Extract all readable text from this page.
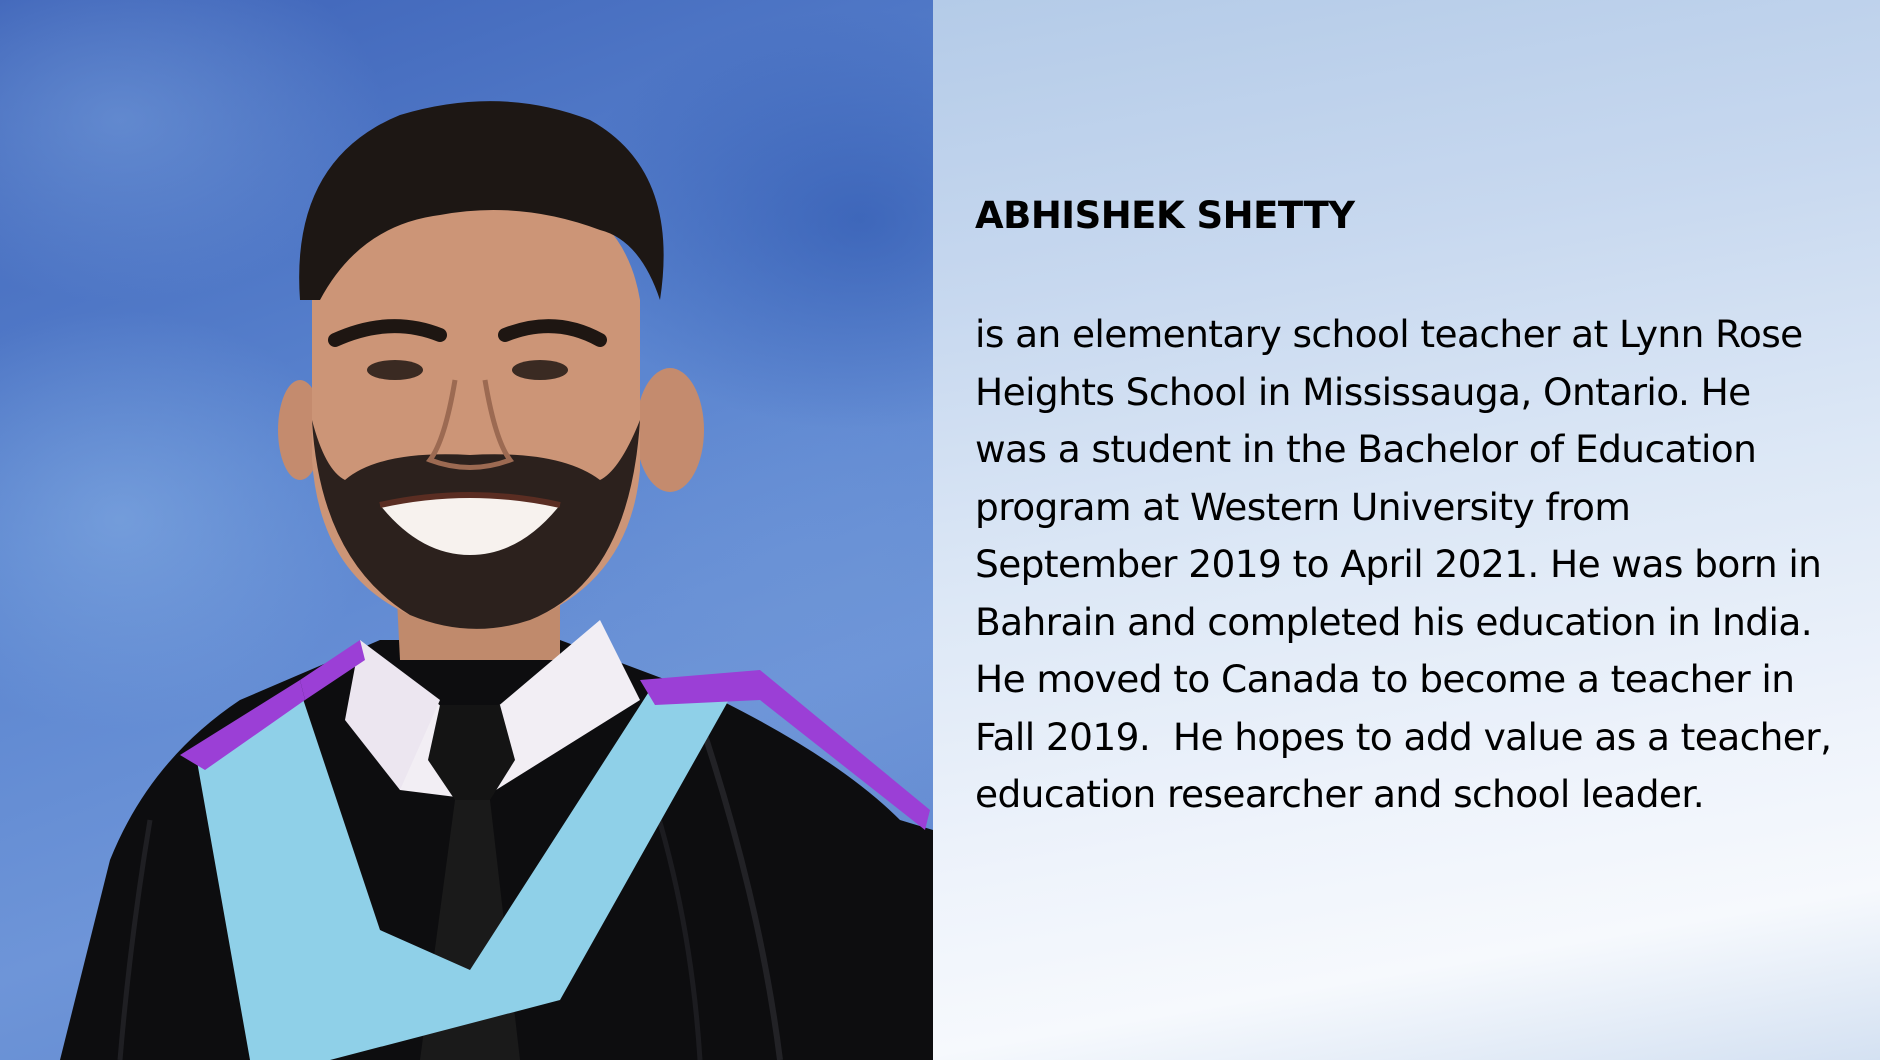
ABHISHEK SHETTY

is an elementary school teacher at Lynn Rose
Heights School in Mississauga, Ontario. He
was a student in the Bachelor of Education
program at Western University from
September 2019 to April 2021. He was born in
Bahrain and completed his education in India.
He moved to Canada to become a teacher in
Fall 2019.  He hopes to add value as a teacher,
education researcher and school leader.
